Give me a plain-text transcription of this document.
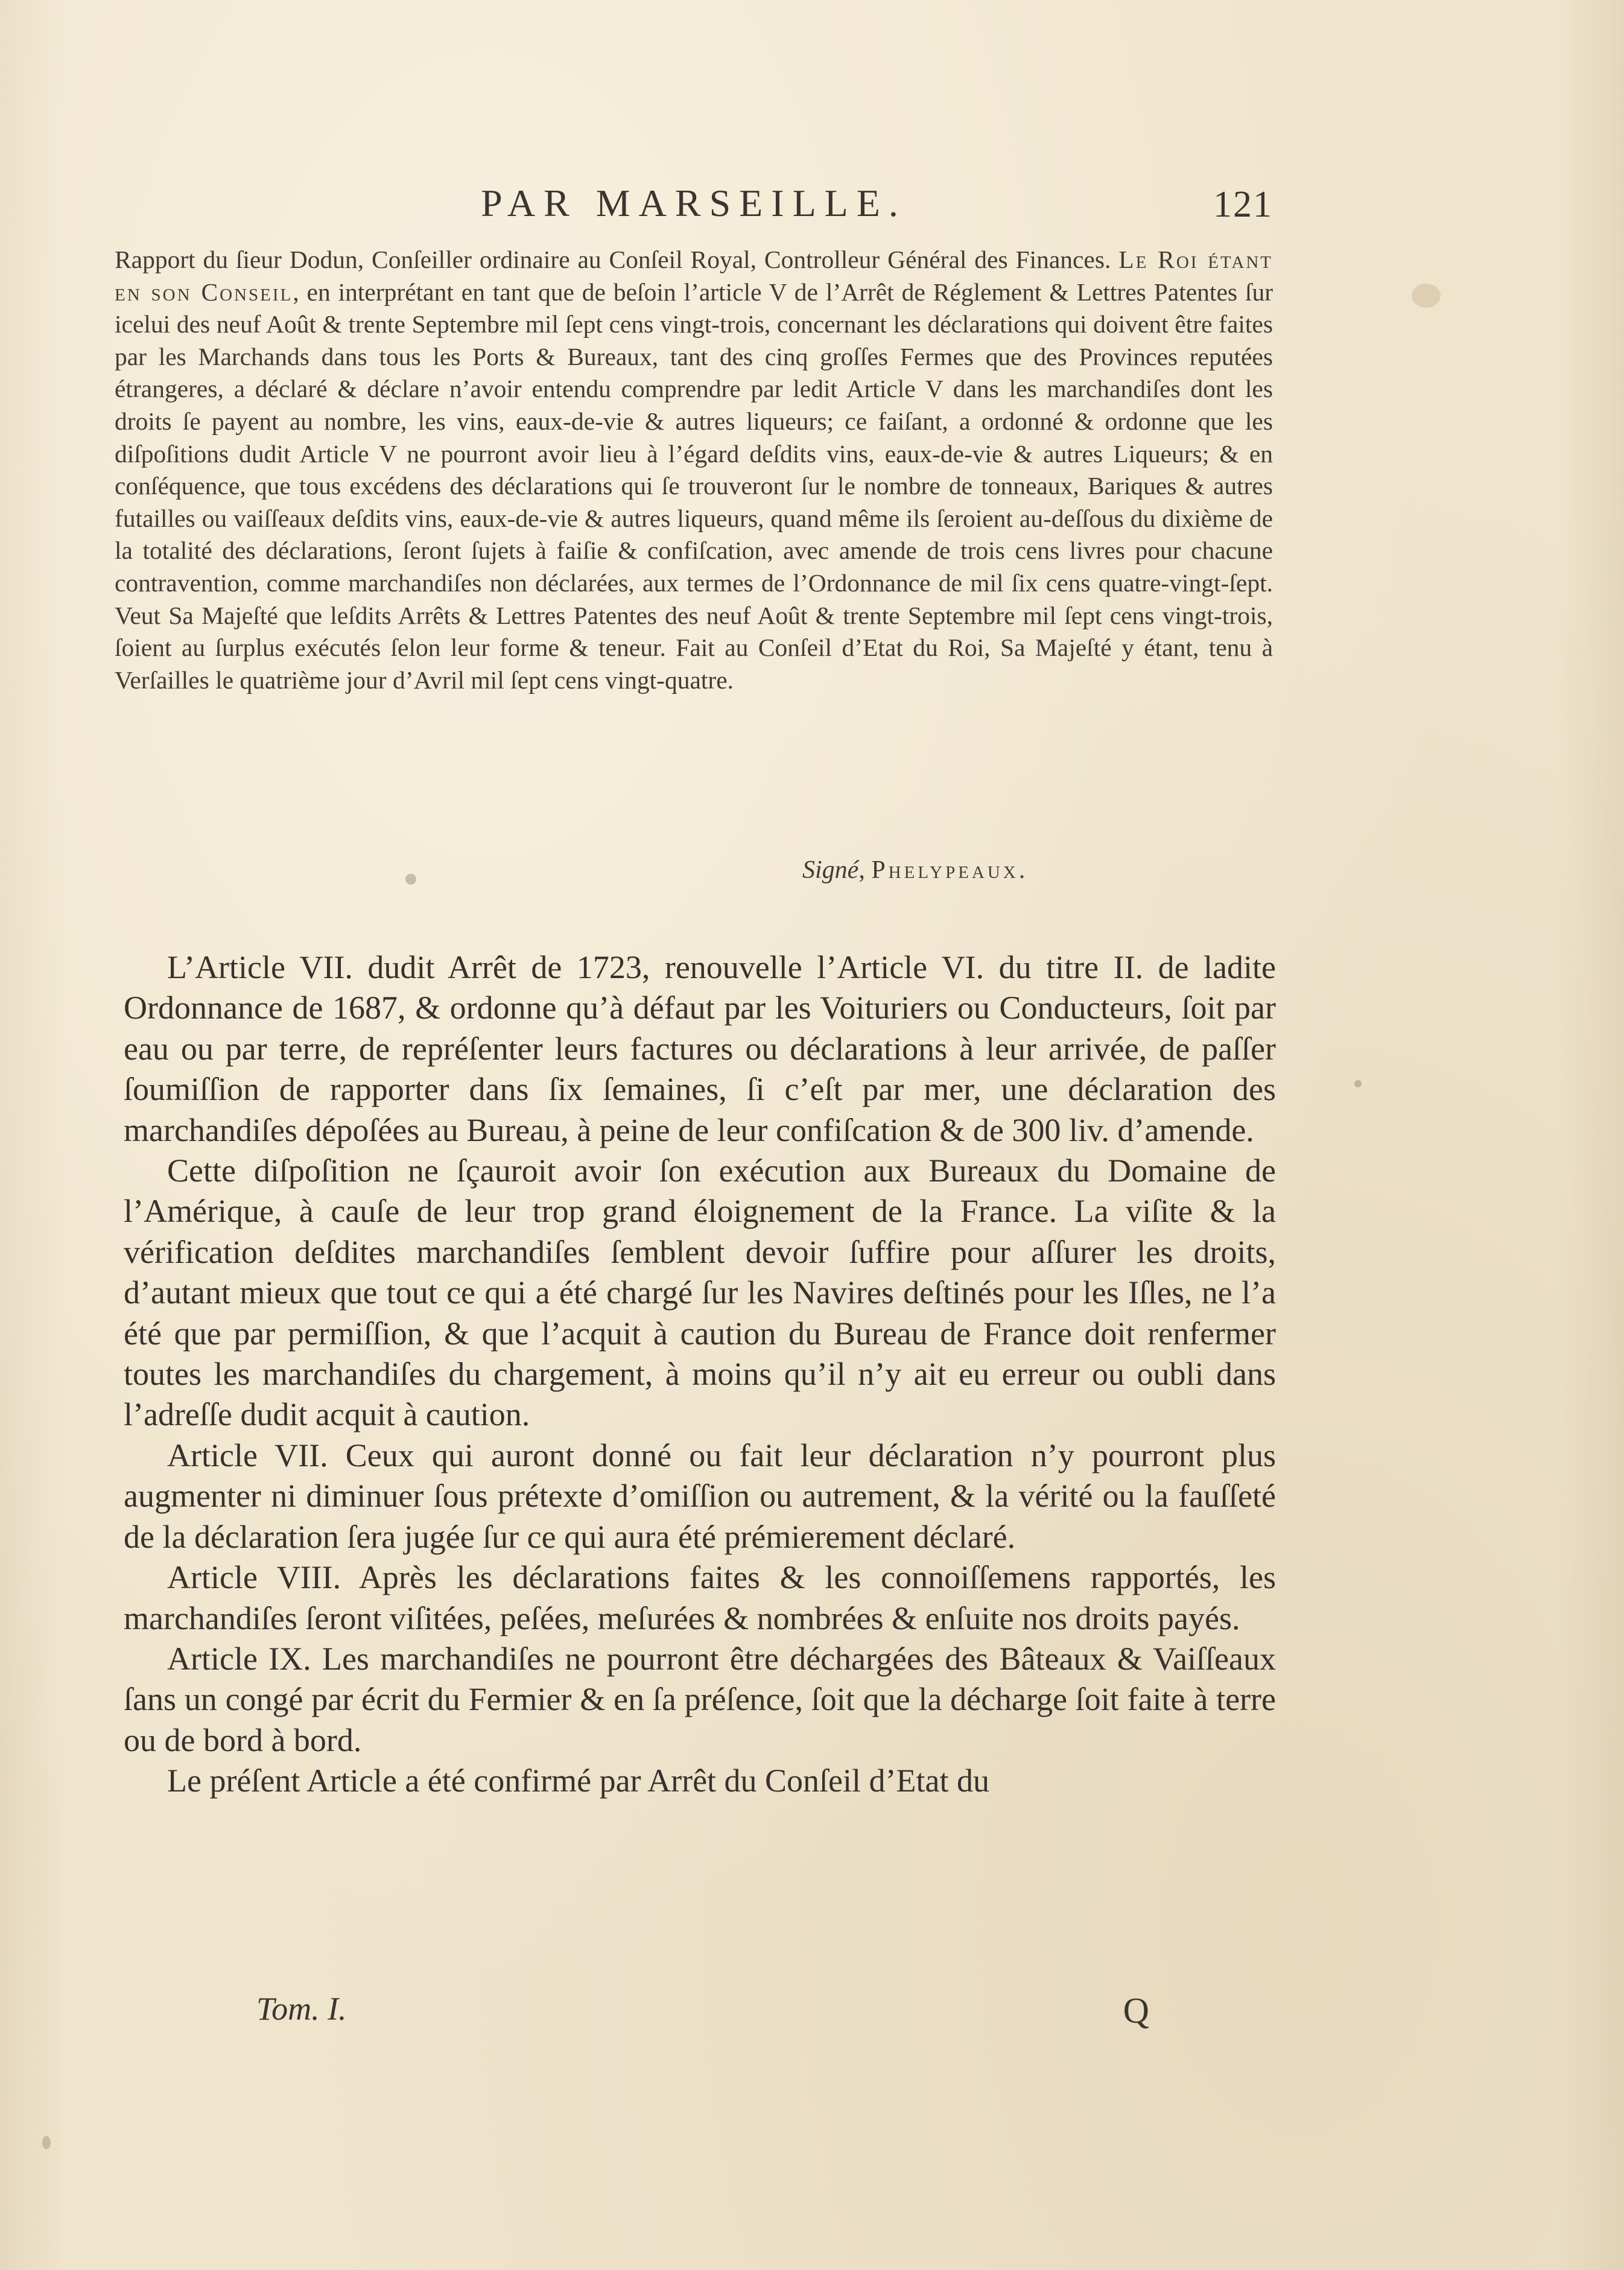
PAR MARSEILLE.	121

Rapport du ſieur Dodun, Conſeiller ordinaire au Conſeil Royal, Controlleur Général des Finances. Le Roi étant en son Conseil, en interprétant en tant que de beſoin l’article V de l’Arrêt de Réglement & Lettres Patentes ſur icelui des neuf Août & trente Septembre mil ſept cens vingt-trois, concernant les déclarations qui doivent être faites par les Marchands dans tous les Ports & Bureaux, tant des cinq groſſes Fermes que des Provinces reputées étrangeres, a déclaré & déclare n’avoir entendu comprendre par ledit Article V dans les marchandiſes dont les droits ſe payent au nombre, les vins, eaux-de-vie & autres liqueurs; ce faiſant, a ordonné & ordonne que les diſpoſitions dudit Article V ne pourront avoir lieu à l’égard deſdits vins, eaux-de-vie & autres Liqueurs; & en conſéquence, que tous excédens des déclarations qui ſe trouveront ſur le nombre de tonneaux, Bariques & autres futailles ou vaiſſeaux deſdits vins, eaux-de-vie & autres liqueurs, quand même ils ſeroient au-deſſous du dixième de la totalité des déclarations, ſeront ſujets à faiſie & confiſcation, avec amende de trois cens livres pour chacune contravention, comme marchandiſes non déclarées, aux termes de l’Ordonnance de mil ſix cens quatre-vingt-ſept. Veut Sa Majeſté que leſdits Arrêts & Lettres Patentes des neuf Août & trente Septembre mil ſept cens vingt-trois, ſoient au ſurplus exécutés ſelon leur forme & teneur. Fait au Conſeil d’Etat du Roi, Sa Majeſté y étant, tenu à Verſailles le quatrième jour d’Avril mil ſept cens vingt-quatre.

Signé, Phelypeaux.

L’Article VII. dudit Arrêt de 1723, renouvelle l’Article VI. du titre II. de ladite Ordonnance de 1687, & ordonne qu’à défaut par les Voituriers ou Conducteurs, ſoit par eau ou par terre, de repréſenter leurs factures ou déclarations à leur arrivée, de paſſer ſoumiſſion de rapporter dans ſix ſemaines, ſi c’eſt par mer, une déclaration des marchandiſes dépoſées au Bureau, à peine de leur confiſcation & de 300 liv. d’amende.

Cette diſpoſition ne ſçauroit avoir ſon exécution aux Bureaux du Domaine de l’Amérique, à cauſe de leur trop grand éloignement de la France. La viſite & la vérification deſdites marchandiſes ſemblent devoir ſuffire pour aſſurer les droits, d’autant mieux que tout ce qui a été chargé ſur les Navires deſtinés pour les Iſles, ne l’a été que par permiſſion, & que l’acquit à caution du Bureau de France doit renfermer toutes les marchandiſes du chargement, à moins qu’il n’y ait eu erreur ou oubli dans l’adreſſe dudit acquit à caution.

Article VII. Ceux qui auront donné ou fait leur déclaration n’y pourront plus augmenter ni diminuer ſous prétexte d’omiſſion ou autrement, & la vérité ou la fauſſeté de la déclaration ſera jugée ſur ce qui aura été prémierement déclaré.

Article VIII. Après les déclarations faites & les connoiſſemens rapportés, les marchandiſes ſeront viſitées, peſées, meſurées & nombrées & enſuite nos droits payés.

Article IX. Les marchandiſes ne pourront être déchargées des Bâteaux & Vaiſſeaux ſans un congé par écrit du Fermier & en ſa préſence, ſoit que la décharge ſoit faite à terre ou de bord à bord.

Le préſent Article a été confirmé par Arrêt du Conſeil d’Etat du

Tom. I.	Q
